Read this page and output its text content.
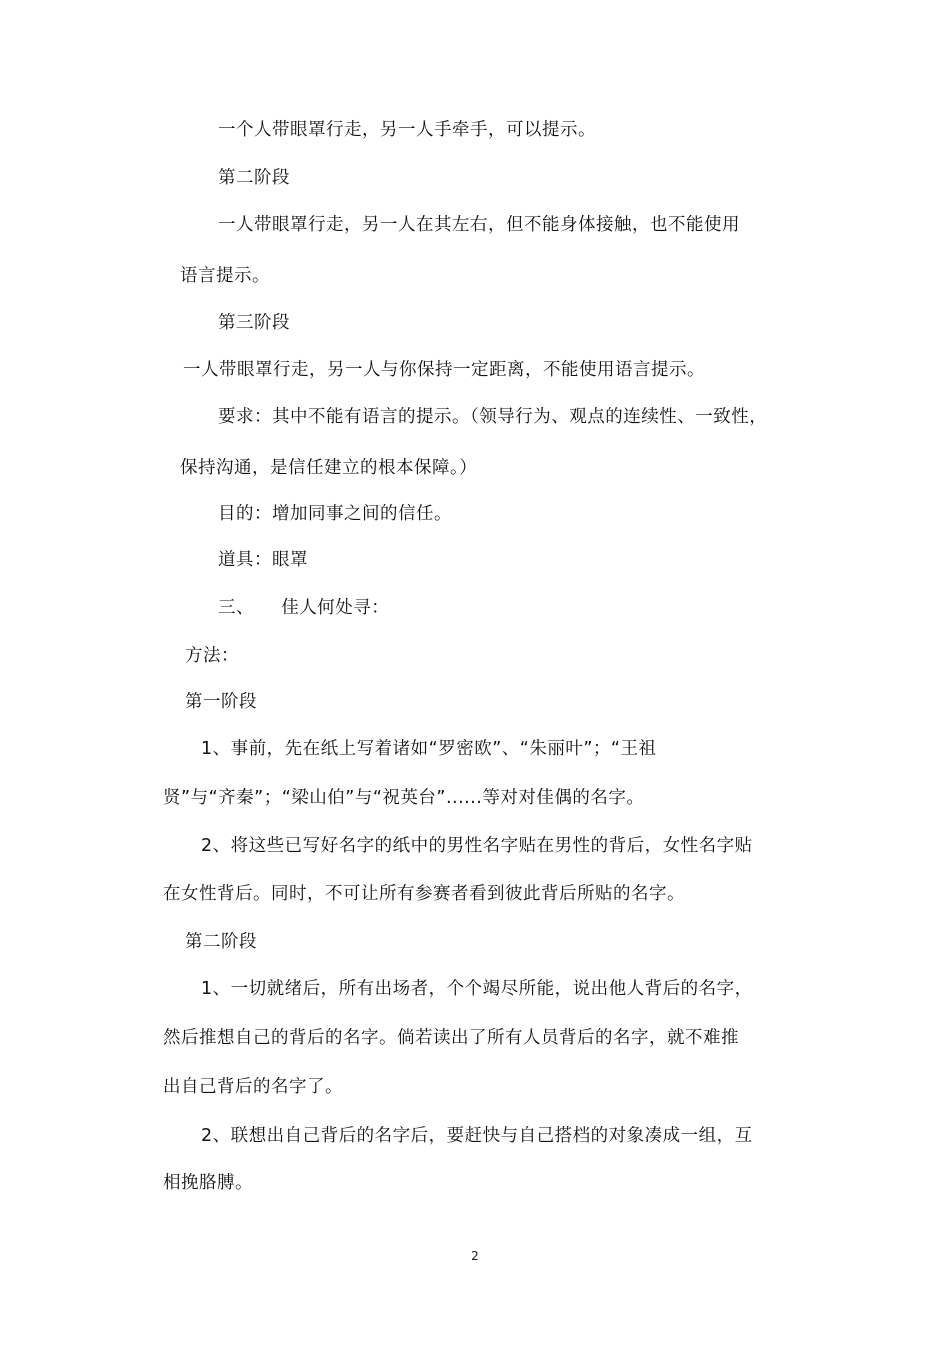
一个人带眼罩行走，另一人手牵手，可以提示。
第二阶段
一人带眼罩行走，另一人在其左右，但不能身体接触，也不能使用
语言提示。
第三阶段
一人带眼罩行走，另一人与你保持一定距离，不能使用语言提示。
要求：其中不能有语言的提示。（领导行为、观点的连续性、一致性，
保持沟通，是信任建立的根本保障。）
目的：增加同事之间的信任。
道具：眼罩
三、　　佳人何处寻：
方法：
第一阶段
1、事前，先在纸上写着诸如“罗密欧”、“朱丽叶”；“王祖
贤”与“齐秦”；“梁山伯”与“祝英台”......等对对佳偶的名字。
2、将这些已写好名字的纸中的男性名字贴在男性的背后，女性名字贴
在女性背后。同时，不可让所有参赛者看到彼此背后所贴的名字。
第二阶段
1、一切就绪后，所有出场者，个个竭尽所能，说出他人背后的名字，
然后推想自己的背后的名字。倘若读出了所有人员背后的名字，就不难推
出自己背后的名字了。
2、联想出自己背后的名字后，要赶快与自己搭档的对象凑成一组，互
相挽胳膊。
2
